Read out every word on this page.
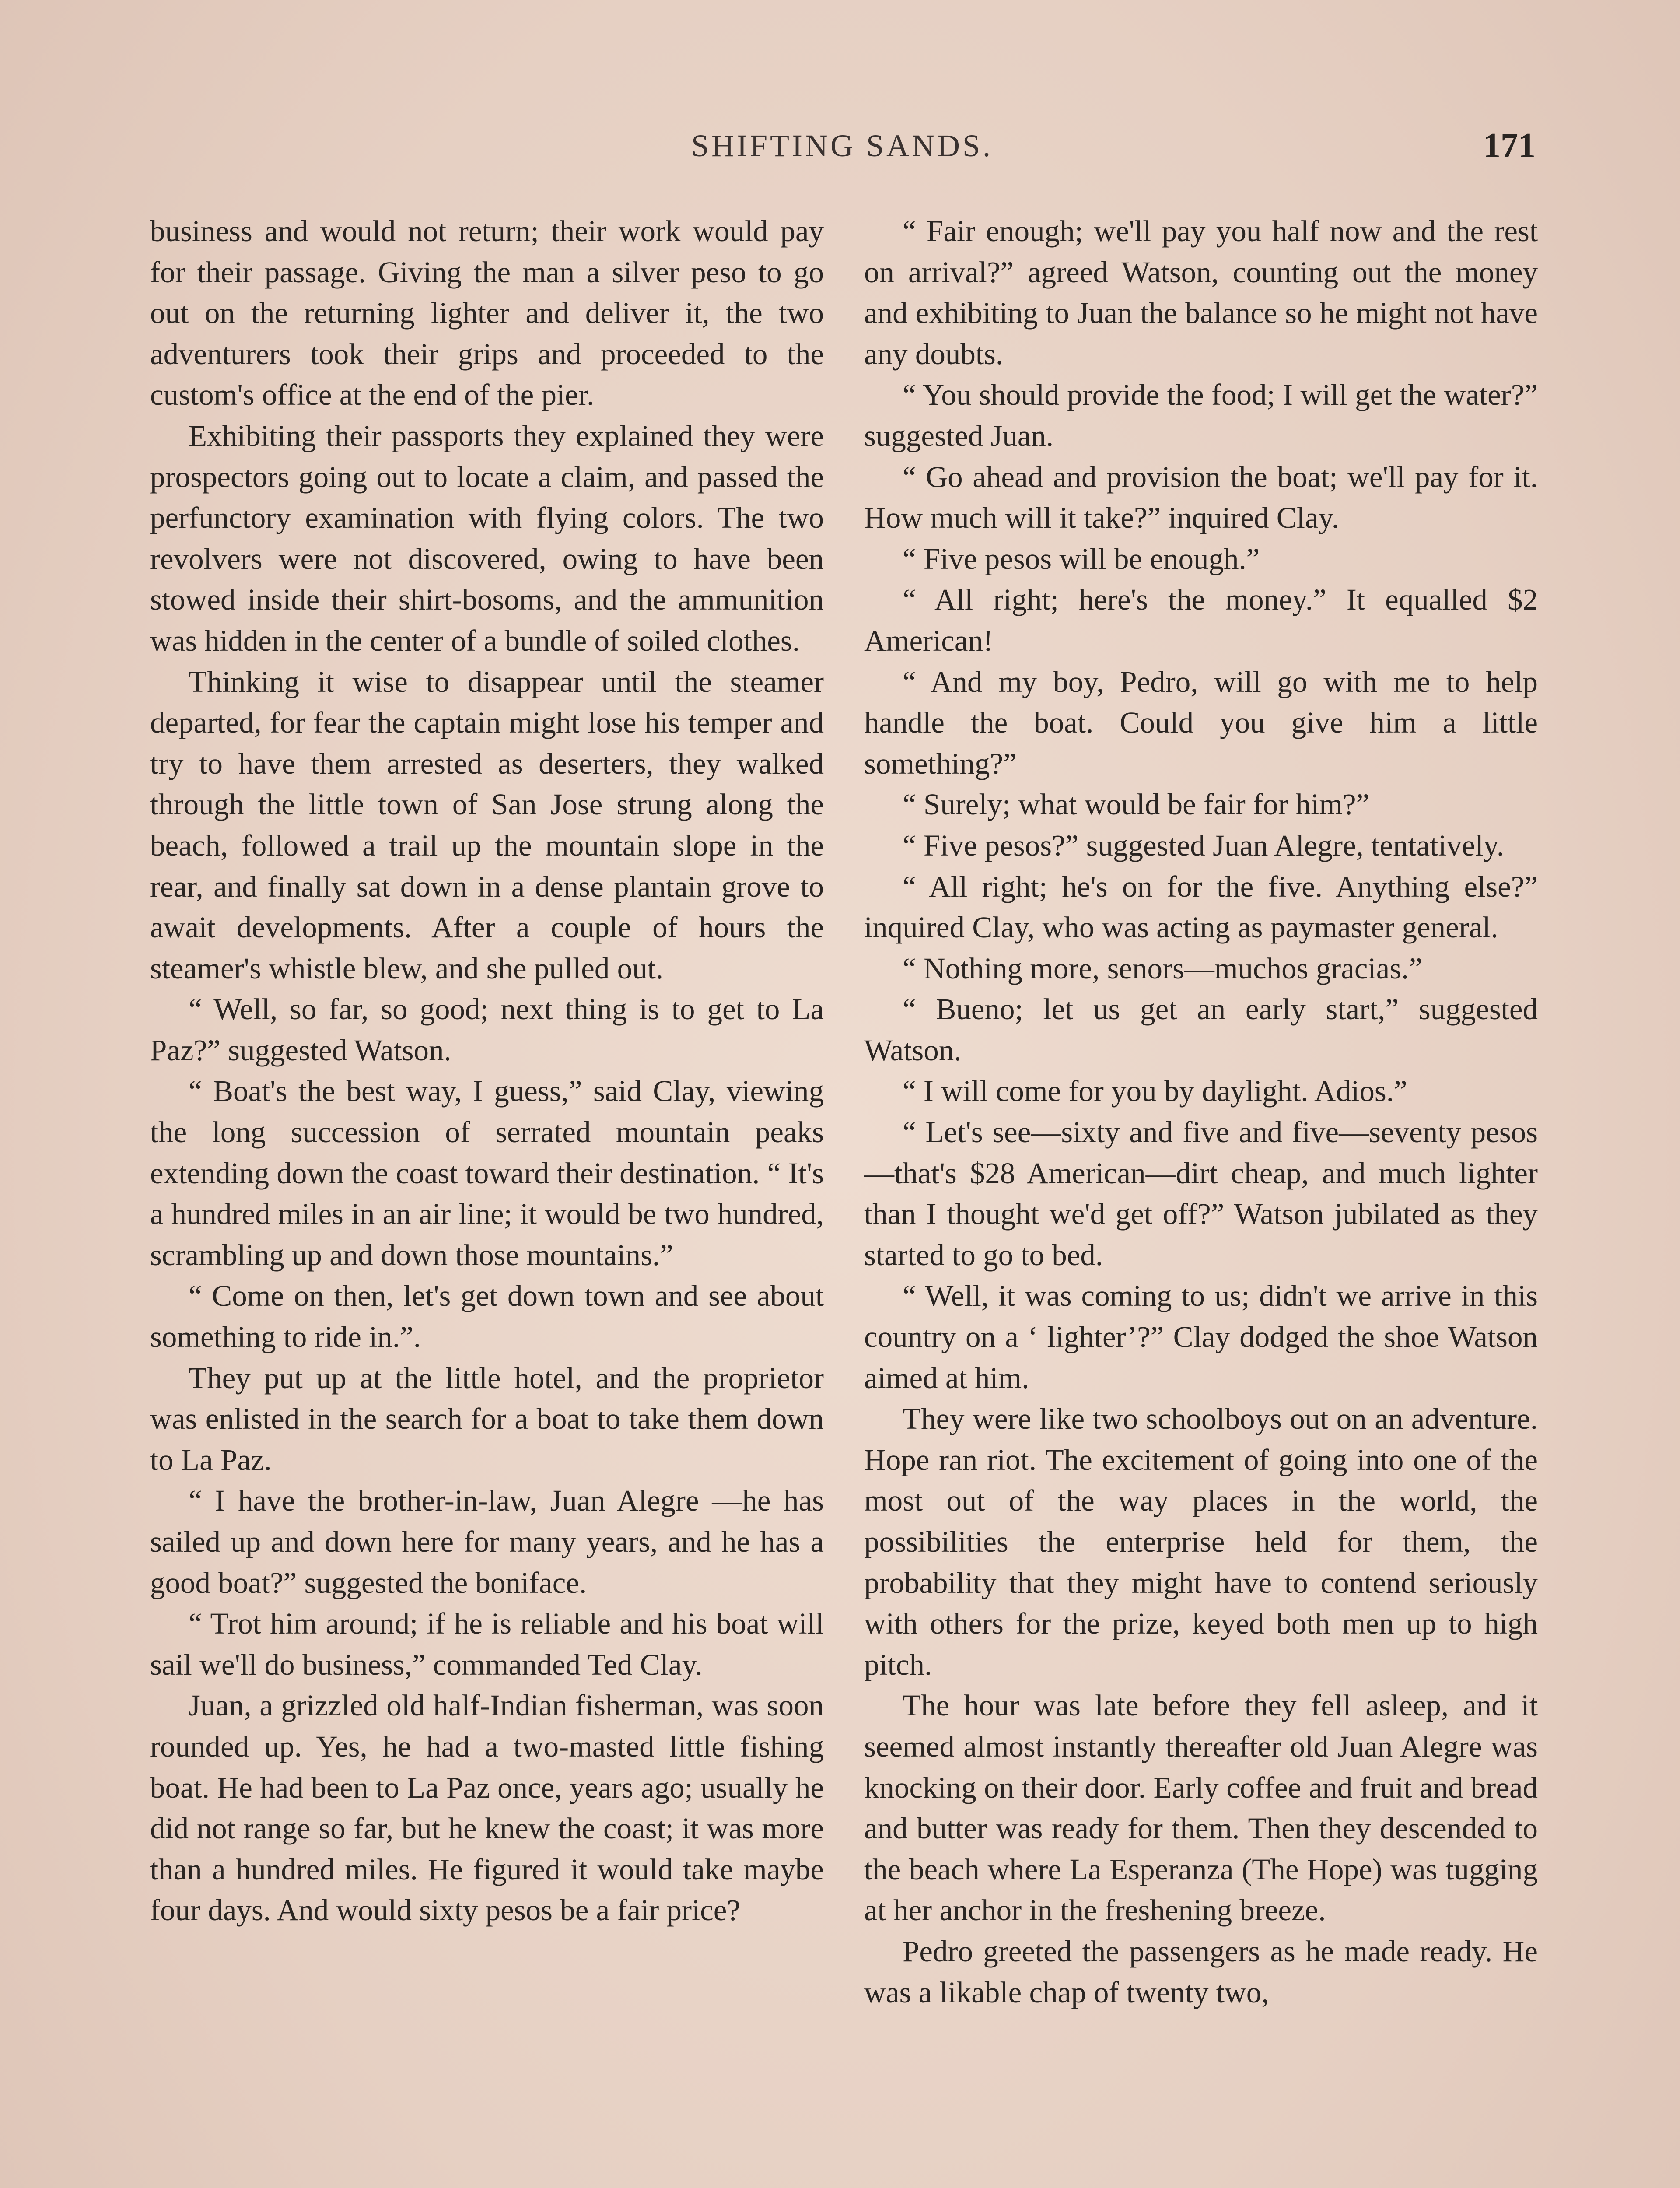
SHIFTING SANDS.	171

business and would not return; their work would pay for their passage. Giving the man a silver peso to go out on the returning lighter and deliver it, the two adventurers took their grips and proceeded to the custom's office at the end of the pier.

Exhibiting their passports they explained they were prospectors going out to locate a claim, and passed the perfunctory examination with flying colors. The two revolvers were not discovered, owing to have been stowed inside their shirt-bosoms, and the ammunition was hidden in the center of a bundle of soiled clothes.

Thinking it wise to disappear until the steamer departed, for fear the captain might lose his temper and try to have them arrested as deserters, they walked through the little town of San Jose strung along the beach, followed a trail up the mountain slope in the rear, and finally sat down in a dense plantain grove to await developments. After a couple of hours the steamer's whistle blew, and she pulled out.

“ Well, so far, so good; next thing is to get to La Paz?” suggested Watson.

“ Boat's the best way, I guess,” said Clay, viewing the long succession of serrated mountain peaks extending down the coast toward their destination. “ It's a hundred miles in an air line; it would be two hundred, scrambling up and down those mountains.”

“ Come on then, let's get down town and see about something to ride in.”.

They put up at the little hotel, and the proprietor was enlisted in the search for a boat to take them down to La Paz.

“ I have the brother-in-law, Juan Alegre —he has sailed up and down here for many years, and he has a good boat?” suggested the boniface.

“ Trot him around; if he is reliable and his boat will sail we'll do business,” commanded Ted Clay.

Juan, a grizzled old half-Indian fisherman, was soon rounded up. Yes, he had a two-masted little fishing boat. He had been to La Paz once, years ago; usually he did not range so far, but he knew the coast; it was more than a hundred miles. He figured it would take maybe four days. And would sixty pesos be a fair price?

“ Fair enough; we'll pay you half now and the rest on arrival?” agreed Watson, counting out the money and exhibiting to Juan the balance so he might not have any doubts.

“ You should provide the food; I will get the water?” suggested Juan.

“ Go ahead and provision the boat; we'll pay for it. How much will it take?” inquired Clay.

“ Five pesos will be enough.”

“ All right; here's the money.” It equalled $2 American!

“ And my boy, Pedro, will go with me to help handle the boat. Could you give him a little something?”

“ Surely; what would be fair for him?”

“ Five pesos?” suggested Juan Alegre, tentatively.

“ All right; he's on for the five. Anything else?” inquired Clay, who was acting as paymaster general.

“ Nothing more, senors—muchos gracias.”

“ Bueno; let us get an early start,” suggested Watson.

“ I will come for you by daylight. Adios.”

“ Let's see—sixty and five and five—seventy pesos—that's $28 American—dirt cheap, and much lighter than I thought we'd get off?” Watson jubilated as they started to go to bed.

“ Well, it was coming to us; didn't we arrive in this country on a ‘ lighter’?” Clay dodged the shoe Watson aimed at him.

They were like two schoolboys out on an adventure. Hope ran riot. The excitement of going into one of the most out of the way places in the world, the possibilities the enterprise held for them, the probability that they might have to contend seriously with others for the prize, keyed both men up to high pitch.

The hour was late before they fell asleep, and it seemed almost instantly thereafter old Juan Alegre was knocking on their door. Early coffee and fruit and bread and butter was ready for them. Then they descended to the beach where La Esperanza (The Hope) was tugging at her anchor in the freshening breeze.

Pedro greeted the passengers as he made ready. He was a likable chap of twenty two,
